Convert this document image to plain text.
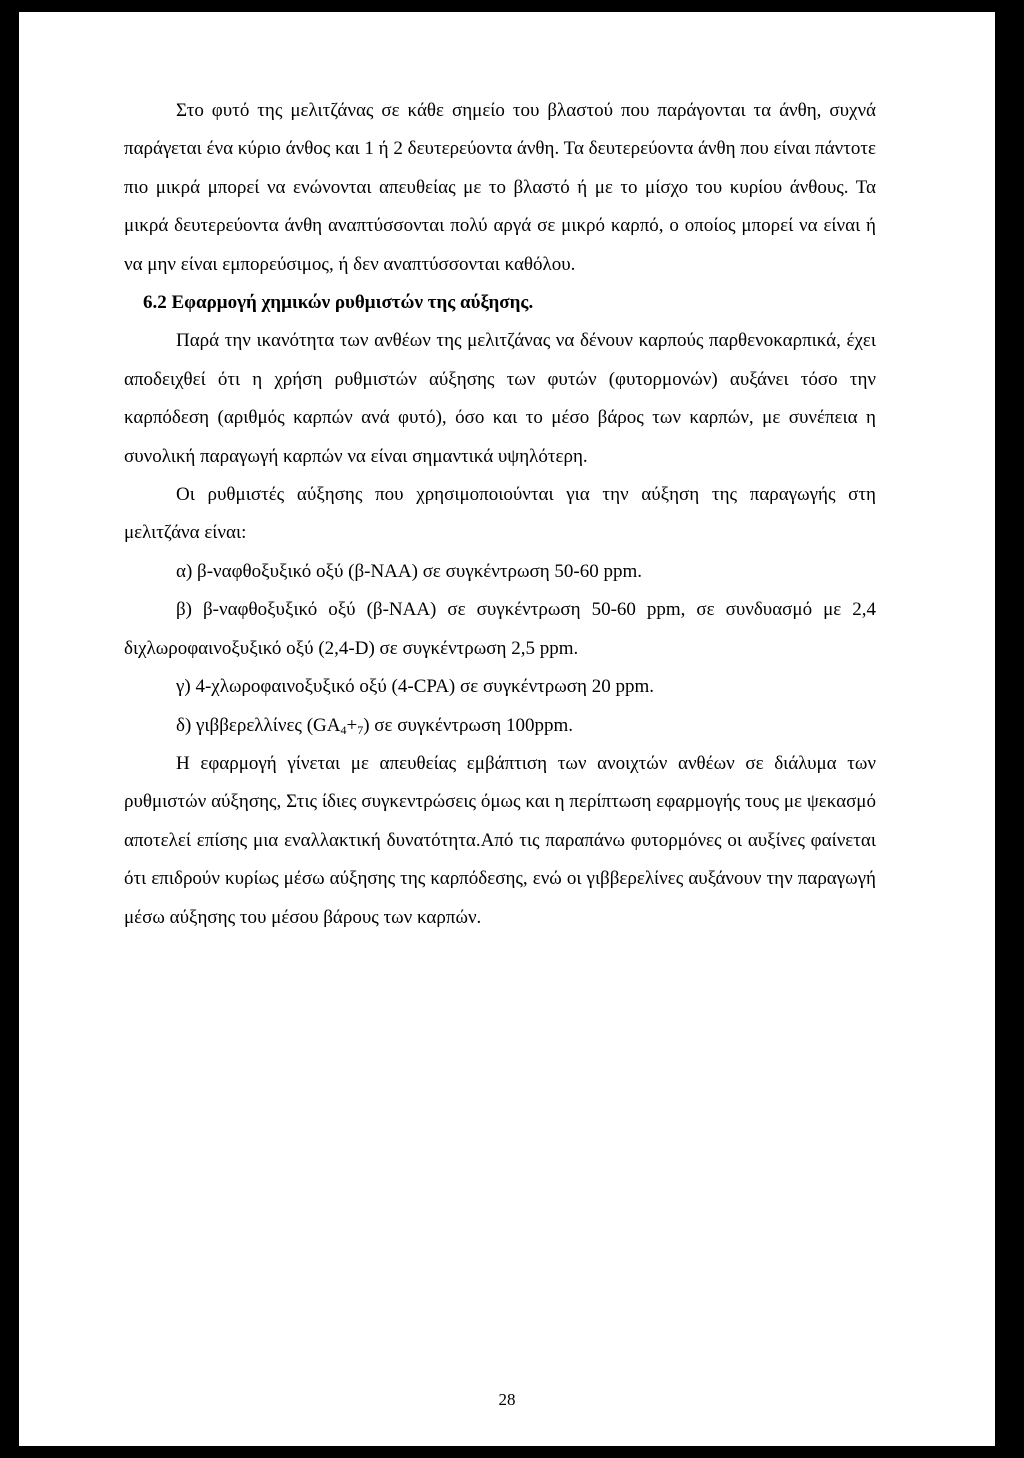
Στο φυτό της μελιτζάνας σε κάθε σημείο του βλαστού που παράγονται τα άνθη, συχνά παράγεται ένα κύριο άνθος και 1 ή 2 δευτερεύοντα άνθη. Τα δευτερεύοντα άνθη που είναι πάντοτε πιο μικρά μπορεί να ενώνονται απευθείας με το βλαστό ή με το μίσχο του κυρίου άνθους. Τα μικρά δευτερεύοντα άνθη αναπτύσσονται πολύ αργά σε μικρό καρπό, ο οποίος μπορεί να είναι ή να μην είναι εμπορεύσιμος, ή δεν αναπτύσσονται καθόλου.

6.2 Εφαρμογή χημικών ρυθμιστών της αύξησης.

Παρά την ικανότητα των ανθέων της μελιτζάνας να δένουν καρπούς παρθενοκαρπικά, έχει αποδειχθεί ότι η χρήση ρυθμιστών αύξησης των φυτών (φυτορμονών) αυξάνει τόσο την καρπόδεση (αριθμός καρπών ανά φυτό), όσο και το μέσο βάρος των καρπών, με συνέπεια η συνολική παραγωγή καρπών να είναι σημαντικά υψηλότερη.

Οι ρυθμιστές αύξησης που χρησιμοποιούνται για την αύξηση της παραγωγής στη μελιτζάνα είναι:

α) β-ναφθοξυξικό οξύ (β-NAA) σε συγκέντρωση 50-60 ppm.

β) β-ναφθοξυξικό οξύ (β-NAA) σε συγκέντρωση 50-60 ppm, σε συνδυασμό με 2,4 διχλωροφαινοξυξικό οξύ (2,4-D) σε συγκέντρωση 2,5 ppm.

γ) 4-χλωροφαινοξυξικό οξύ (4-CPA) σε συγκέντρωση 20 ppm.

δ) γιββερελλίνες $(GA_4+_7)$ σε συγκέντρωση 100ppm.

Η εφαρμογή γίνεται με απευθείας εμβάπτιση των ανοιχτών ανθέων σε διάλυμα των ρυθμιστών αύξησης, Στις ίδιες συγκεντρώσεις όμως και η περίπτωση εφαρμογής τους με ψεκασμό αποτελεί επίσης μια εναλλακτική δυνατότητα.Από τις παραπάνω φυτορμόνες οι αυξίνες φαίνεται ότι επιδρούν κυρίως μέσω αύξησης της καρπόδεσης, ενώ οι γιββερελίνες αυξάνουν την παραγωγή μέσω αύξησης του μέσου βάρους των καρπών.

28
